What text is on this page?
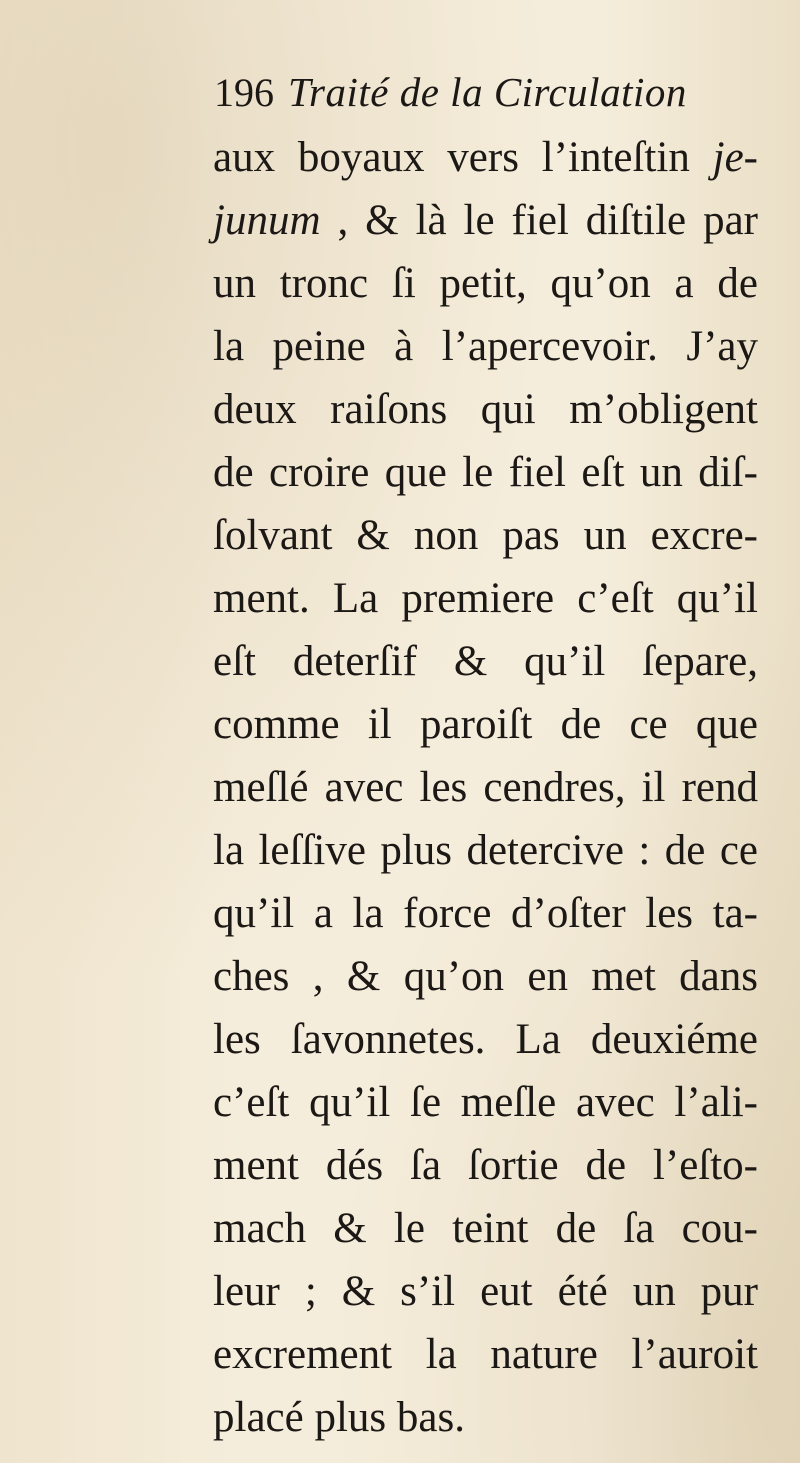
196 Traité de la Circulation
aux boyaux vers l’inteſtin je-
junum , & là le fiel diſtile par
un tronc ſi petit, qu’on a de
la peine à l’apercevoir. J’ay
deux raiſons qui m’obligent
de croire que le fiel eſt un diſ-
ſolvant & non pas un excre-
ment. La premiere c’eſt qu’il
eſt deterſif & qu’il ſepare,
comme il paroiſt de ce que
meſlé avec les cendres, il rend
la leſſive plus detercive : de ce
qu’il a la force d’oſter les ta-
ches , & qu’on en met dans
les ſavonnetes. La deuxiéme
c’eſt qu’il ſe meſle avec l’ali-
ment dés ſa ſortie de l’eſto-
mach & le teint de ſa cou-
leur ; & s’il eut été un pur
excrement la nature l’auroit
placé plus bas.
